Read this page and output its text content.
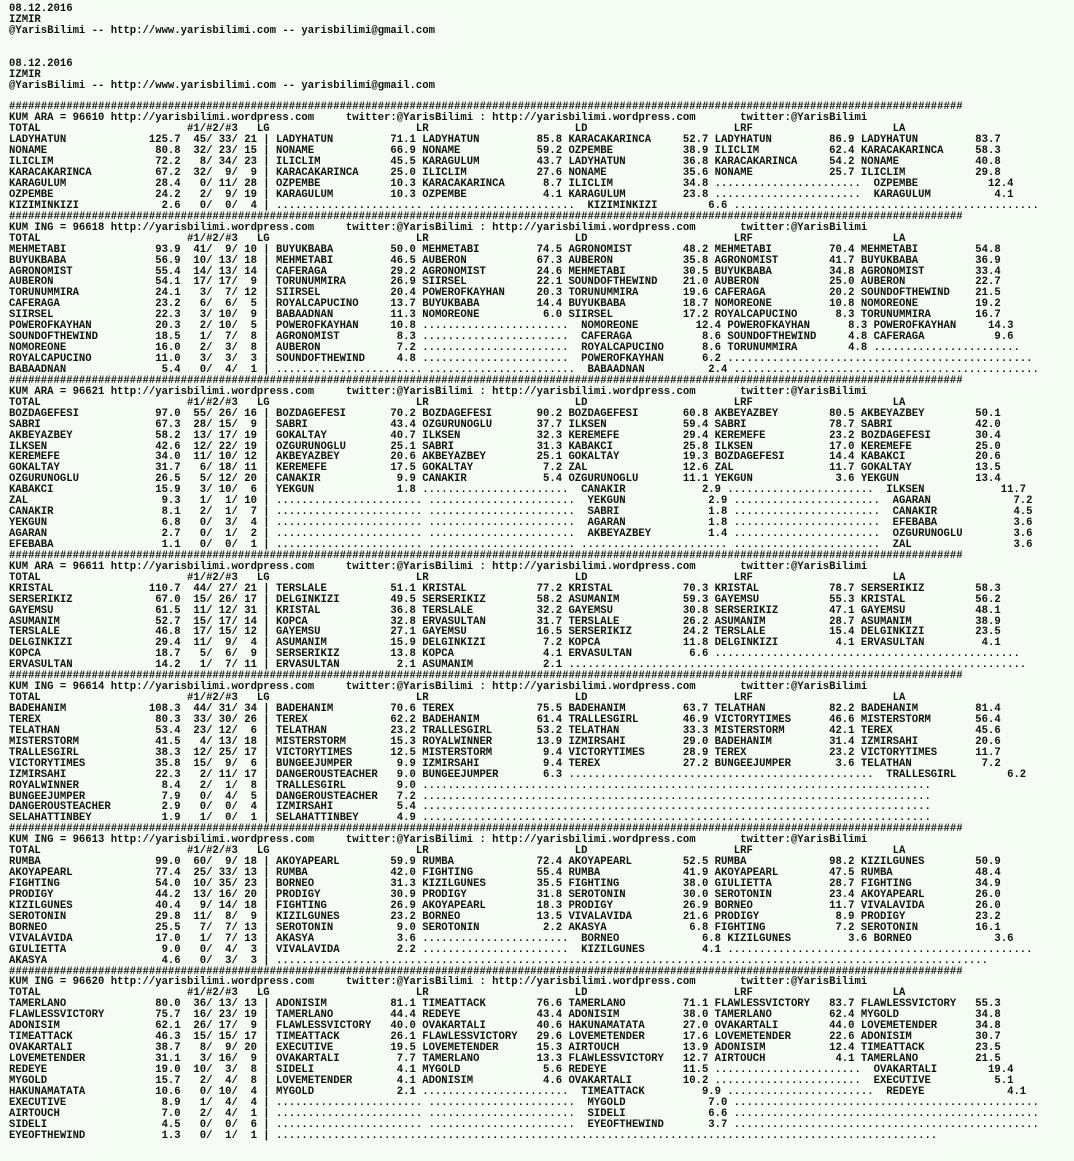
08.12.2016
IZMIR
@YarisBilimi -- http://www.yarisbilimi.com -- yarisbilimi@gmail.com
08.12.2016
IZMIR
@YarisBilimi -- http://www.yarisbilimi.com -- yarisbilimi@gmail.com
######################################################################################################################################################
KUM ARA = 96610 http://yarisbilimi.wordpress.com     twitter:@YarisBilimi : http://yarisbilimi.wordpress.com       twitter:@YarisBilimi
TOTAL                       #1/#2/#3   LG                       LR                       LD                       LRF                      LA
LADYHATUN             125.7  45/ 33/ 21 | LADYHATUN         71.1 LADYHATUN         85.8 KARACAKARINCA     52.7 LADYHATUN         86.9 LADYHATUN         83.7
NONAME                 80.8  32/ 23/ 15 | NONAME            66.9 NONAME            59.2 OZPEMBE           38.9 ILICLIM           62.4 KARACAKARINCA     58.3
ILICLIM                72.2   8/ 34/ 23 | ILICLIM           45.5 KARAGULUM         43.7 LADYHATUN         36.8 KARACAKARINCA     54.2 NONAME            40.8
KARACAKARINCA          67.2  32/  9/  9 | KARACAKARINCA     25.0 ILICLIM           27.6 NONAME            35.6 NONAME            25.7 ILICLIM           29.8
KARAGULUM              28.4   0/ 11/ 28 | OZPEMBE           10.3 KARACAKARINCA      8.7 ILICLIM           34.8 .......................  OZPEMBE           12.4
OZPEMBE                24.2   2/  9/ 19 | KARAGULUM         10.3 OZPEMBE            4.1 KARAGULUM         23.8 .......................  KARAGULUM          4.1
KIZIMINKIZI             2.6   0/  0/  4 | ....................... .......................  KIZIMINKIZI        6.6 ................................................
######################################################################################################################################################
KUM ING = 96618 http://yarisbilimi.wordpress.com     twitter:@YarisBilimi : http://yarisbilimi.wordpress.com       twitter:@YarisBilimi
TOTAL                       #1/#2/#3   LG                       LR                       LD                       LRF                      LA
MEHMETABI              93.9  41/  9/ 10 | BUYUKBABA         50.0 MEHMETABI         74.5 AGRONOMIST        48.2 MEHMETABI         70.4 MEHMETABI         54.8
BUYUKBABA              56.9  10/ 13/ 18 | MEHMETABI         46.5 AUBERON           67.3 AUBERON           35.8 AGRONOMIST        41.7 BUYUKBABA         36.9
AGRONOMIST             55.4  14/ 13/ 14 | CAFERAGA          29.2 AGRONOMIST        24.6 MEHMETABI         30.5 BUYUKBABA         34.8 AGRONOMIST        33.4
AUBERON                54.1  17/ 17/  9 | TORUNUMMIRA       26.9 SIIRSEL           22.1 SOUNDOFTHEWIND    21.0 AUBERON           25.0 AUBERON           22.7
TORUNUMMIRA            24.1   3/  7/ 12 | SIIRSEL           20.4 POWEROFKAYHAN     20.3 TORUNUMMIRA       19.6 CAFERAGA          20.2 SOUNDOFTHEWIND    21.5
CAFERAGA               23.2   6/  6/  5 | ROYALCAPUCINO     13.7 BUYUKBABA         14.4 BUYUKBABA         18.7 NOMOREONE         10.8 NOMOREONE         19.2
SIIRSEL                22.3   3/ 10/  9 | BABAADNAN         11.3 NOMOREONE          6.0 SIIRSEL           17.2 ROYALCAPUCINO      8.3 TORUNUMMIRA       16.7
POWEROFKAYHAN          20.3   2/ 10/  5 | POWEROFKAYHAN     10.8 .......................  NOMOREONE         12.4 POWEROFKAYHAN      8.3 POWEROFKAYHAN     14.3
SOUNDOFTHEWIND         18.5   1/  7/  8 | AGRONOMIST         8.3 .......................  CAFERAGA           8.6 SOUNDOFTHEWIND     4.8 CAFERAGA           9.6
NOMOREONE              16.0   2/  3/  8 | AUBERON            7.2 .......................  ROYALCAPUCINO      8.6 TORUNUMMIRA        4.8 .......................
ROYALCAPUCINO          11.0   3/  3/  3 | SOUNDOFTHEWIND     4.8 .......................  POWEROFKAYHAN      6.2 ................................................
BABAADNAN               5.4   0/  4/  1 | ....................... .......................  BABAADNAN          2.4 ................................................
######################################################################################################################################################
KUM ARA = 96621 http://yarisbilimi.wordpress.com     twitter:@YarisBilimi : http://yarisbilimi.wordpress.com       twitter:@YarisBilimi
TOTAL                       #1/#2/#3   LG                       LR                       LD                       LRF                      LA
BOZDAGEFESI            97.0  55/ 26/ 16 | BOZDAGEFESI       70.2 BOZDAGEFESI       90.2 BOZDAGEFESI       60.8 AKBEYAZBEY        80.5 AKBEYAZBEY        50.1
SABRI                  67.3  28/ 15/  9 | SABRI             43.4 OZGURUNOGLU       37.7 ILKSEN            59.4 SABRI             78.7 SABRI             42.0
AKBEYAZBEY             58.2  13/ 17/ 19 | GOKALTAY          40.7 ILKSEN            32.3 KEREMEFE          29.4 KEREMEFE          23.2 BOZDAGEFESI       30.4
ILKSEN                 42.6  12/ 22/ 19 | OZGURUNOGLU       25.1 SABRI             31.3 KABAKCI           25.8 ILKSEN            17.0 KEREMEFE          25.0
KEREMEFE               34.0  11/ 10/ 12 | AKBEYAZBEY        20.6 AKBEYAZBEY        25.1 GOKALTAY          19.3 BOZDAGEFESI       14.4 KABAKCI           20.6
GOKALTAY               31.7   6/ 18/ 11 | KEREMEFE          17.5 GOKALTAY           7.2 ZAL               12.6 ZAL               11.7 GOKALTAY          13.5
OZGURUNOGLU            26.5   5/ 12/ 20 | CANAKIR            9.9 CANAKIR            5.4 OZGURUNOGLU       11.1 YEKGUN             3.6 YEKGUN            13.4
KABAKCI                15.9   3/ 10/  6 | YEKGUN             1.8 .......................  CANAKIR            2.9 .......................  ILKSEN            11.7
ZAL                     9.3   1/  1/ 10 | ....................... .......................  YEKGUN             2.9 .......................  AGARAN             7.2
CANAKIR                 8.1   2/  1/  7 | ....................... .......................  SABRI              1.8 .......................  CANAKIR            4.5
YEKGUN                  6.8   0/  3/  4 | ....................... .......................  AGARAN             1.8 .......................  EFEBABA            3.6
AGARAN                  2.7   0/  1/  2 | ....................... .......................  AKBEYAZBEY         1.4 .......................  OZGURUNOGLU        3.6
EFEBABA                 1.1   0/  0/  1 | ....................... ....................... ....................... .......................  ZAL                3.6
######################################################################################################################################################
KUM ARA = 96611 http://yarisbilimi.wordpress.com     twitter:@YarisBilimi : http://yarisbilimi.wordpress.com       twitter:@YarisBilimi
TOTAL                       #1/#2/#3   LG                       LR                       LD                       LRF                      LA
KRISTAL               110.7  44/ 27/ 21 | TERSLALE          51.1 KRISTAL           77.2 KRISTAL           70.3 KRISTAL           78.7 SERSERIKIZ        58.3
SERSERIKIZ             67.0  15/ 26/ 17 | DELGINKIZI        49.5 SERSERIKIZ        58.2 ASUMANIM          59.3 GAYEMSU           55.3 KRISTAL           56.2
GAYEMSU                61.5  11/ 12/ 31 | KRISTAL           36.8 TERSLALE          32.2 GAYEMSU           30.8 SERSERIKIZ        47.1 GAYEMSU           48.1
ASUMANIM               52.7  15/ 17/ 14 | KOPCA             32.8 ERVASULTAN        31.7 TERSLALE          26.2 ASUMANIM          28.7 ASUMANIM          38.9
TERSLALE               46.8  17/ 15/ 12 | GAYEMSU           27.1 GAYEMSU           16.5 SERSERIKIZ        24.2 TERSLALE          15.4 DELGINKIZI        23.5
DELGINKIZI             29.4  11/  9/  4 | ASUMANIM          15.9 DELGINKIZI         7.2 KOPCA             11.8 DELGINKIZI         4.1 ERVASULTAN         4.1
KOPCA                  18.7   5/  6/  9 | SERSERIKIZ        13.8 KOPCA              4.1 ERVASULTAN         6.6 ................................................
ERVASULTAN             14.2   1/  7/ 11 | ERVASULTAN         2.1 ASUMANIM           2.1 ........................................................................
######################################################################################################################################################
KUM ING = 96614 http://yarisbilimi.wordpress.com     twitter:@YarisBilimi : http://yarisbilimi.wordpress.com       twitter:@YarisBilimi
TOTAL                       #1/#2/#3   LG                       LR                       LD                       LRF                      LA
BADEHANIM             108.3  44/ 31/ 34 | BADEHANIM         70.6 TEREX             75.5 BADEHANIM         63.7 TELATHAN          82.2 BADEHANIM         81.4
TEREX                  80.3  33/ 30/ 26 | TEREX             62.2 BADEHANIM         61.4 TRALLESGIRL       46.9 VICTORYTIMES      46.6 MISTERSTORM       56.4
TELATHAN               53.4  23/ 12/  6 | TELATHAN          23.2 TRALLESGIRL       53.2 TELATHAN          33.3 MISTERSTORM       42.1 TEREX             45.6
MISTERSTORM            41.5   4/ 13/ 18 | MISTERSTORM       15.3 ROYALWINNER       13.9 IZMIRSAHI         29.0 BADEHANIM         31.4 IZMIRSAHI         20.6
TRALLESGIRL            38.3  12/ 25/ 17 | VICTORYTIMES      12.5 MISTERSTORM        9.4 VICTORYTIMES      28.9 TEREX             23.2 VICTORYTIMES      11.7
VICTORYTIMES           35.8  15/  9/  6 | BUNGEEJUMPER       9.9 IZMIRSAHI          9.4 TEREX             27.2 BUNGEEJUMPER       3.6 TELATHAN           7.2
IZMIRSAHI              22.3   2/ 11/ 17 | DANGEROUSTEACHER   9.0 BUNGEEJUMPER       6.3 ................................................  TRALLESGIRL        6.2
ROYALWINNER             8.4   2/  1/  8 | TRALLESGIRL        9.0 ................................................................................
BUNGEEJUMPER            7.9   0/  4/  5 | DANGEROUSTEACHER   7.2 ................................................................................
DANGEROUSTEACHER        2.9   0/  0/  4 | IZMIRSAHI          5.4 ................................................................................
SELAHATTINBEY           1.9   1/  0/  1 | SELAHATTINBEY      4.9 ................................................................................
######################################################################################################################################################
KUM ING = 96613 http://yarisbilimi.wordpress.com     twitter:@YarisBilimi : http://yarisbilimi.wordpress.com       twitter:@YarisBilimi
TOTAL                       #1/#2/#3   LG                       LR                       LD                       LRF                      LA
RUMBA                  99.0  60/  9/ 18 | AKOYAPEARL        59.9 RUMBA             72.4 AKOYAPEARL        52.5 RUMBA             98.2 KIZILGUNES        50.9
AKOYAPEARL             77.4  25/ 33/ 13 | RUMBA             42.0 FIGHTING          55.4 RUMBA             41.9 AKOYAPEARL        47.5 RUMBA             48.4
FIGHTING               54.0  10/ 35/ 23 | BORNEO            31.3 KIZILGUNES        35.5 FIGHTING          38.0 GIULIETTA         28.7 FIGHTING          34.9
PRODIGY                44.2  13/ 16/ 20 | PRODIGY           30.9 PRODIGY           31.8 SEROTONIN         30.0 SEROTONIN         23.4 AKOYAPEARL        26.0
KIZILGUNES             40.4   9/ 14/ 18 | FIGHTING          26.9 AKOYAPEARL        18.3 PRODIGY           26.9 BORNEO            11.7 VIVALAVIDA        26.0
SEROTONIN              29.8  11/  8/  9 | KIZILGUNES        23.2 BORNEO            13.5 VIVALAVIDA        21.6 PRODIGY            8.9 PRODIGY           23.2
BORNEO                 25.5   7/  7/ 13 | SEROTONIN          9.0 SEROTONIN          2.2 AKASYA             6.8 FIGHTING           7.2 SEROTONIN         16.1
VIVALAVIDA             17.0   1/  7/ 13 | AKASYA             3.6 .......................  BORNEO             6.8 KIZILGUNES         3.6 BORNEO             3.6
GIULIETTA               9.0   0/  4/  3 | VIVALAVIDA         2.2 .......................  KIZILGUNES         4.1 ................................................
AKASYA                  4.6   0/  3/  3 | ................................................................................................................
######################################################################################################################################################
KUM ING = 96620 http://yarisbilimi.wordpress.com     twitter:@YarisBilimi : http://yarisbilimi.wordpress.com       twitter:@YarisBilimi
TOTAL                       #1/#2/#3   LG                       LR                       LD                       LRF                      LA
TAMERLANO              80.0  36/ 13/ 13 | ADONISIM          81.1 TIMEATTACK        76.6 TAMERLANO         71.1 FLAWLESSVICTORY   83.7 FLAWLESSVICTORY   55.3
FLAWLESSVICTORY        75.7  16/ 23/ 19 | TAMERLANO         44.4 REDEYE            43.4 ADONISIM          38.0 TAMERLANO         62.4 MYGOLD            34.8
ADONISIM               62.1  26/ 17/  9 | FLAWLESSVICTORY   40.0 OVAKARTALI        40.6 HAKUNAMATATA      27.0 OVAKARTALI        44.0 LOVEMETENDER      34.8
TIMEATTACK             46.3  15/ 15/ 17 | TIMEATTACK        26.1 FLAWLESSVICTORY   29.6 LOVEMETENDER      17.6 LOVEMETENDER      22.6 ADONISIM          30.7
OVAKARTALI             38.7   8/  9/ 20 | EXECUTIVE         19.5 LOVEMETENDER      15.3 AIRTOUCH          13.9 ADONISIM          12.4 TIMEATTACK        23.5
LOVEMETENDER           31.1   3/ 16/  9 | OVAKARTALI         7.7 TAMERLANO         13.3 FLAWLESSVICTORY   12.7 AIRTOUCH           4.1 TAMERLANO         21.5
REDEYE                 19.0  10/  3/  8 | SIDELI             4.1 MYGOLD             5.6 REDEYE            11.5 .......................  OVAKARTALI        19.4
MYGOLD                 15.7   2/  4/  8 | LOVEMETENDER       4.1 ADONISIM           4.6 OVAKARTALI        10.2 .......................  EXECUTIVE          5.1
HAKUNAMATATA           10.6   0/ 10/  4 | MYGOLD             2.1 .......................  TIMEATTACK         9.9 .......................  REDEYE             4.1
EXECUTIVE               8.9   1/  4/  4 | ....................... .......................  MYGOLD             7.0 ................................................
AIRTOUCH                7.0   2/  4/  1 | ....................... .......................  SIDELI             6.6 ................................................
SIDELI                  4.5   0/  0/  6 | ....................... .......................  EYEOFTHEWIND       3.7 ................................................
EYEOFTHEWIND            1.3   0/  1/  1 | ........................................................................................................
